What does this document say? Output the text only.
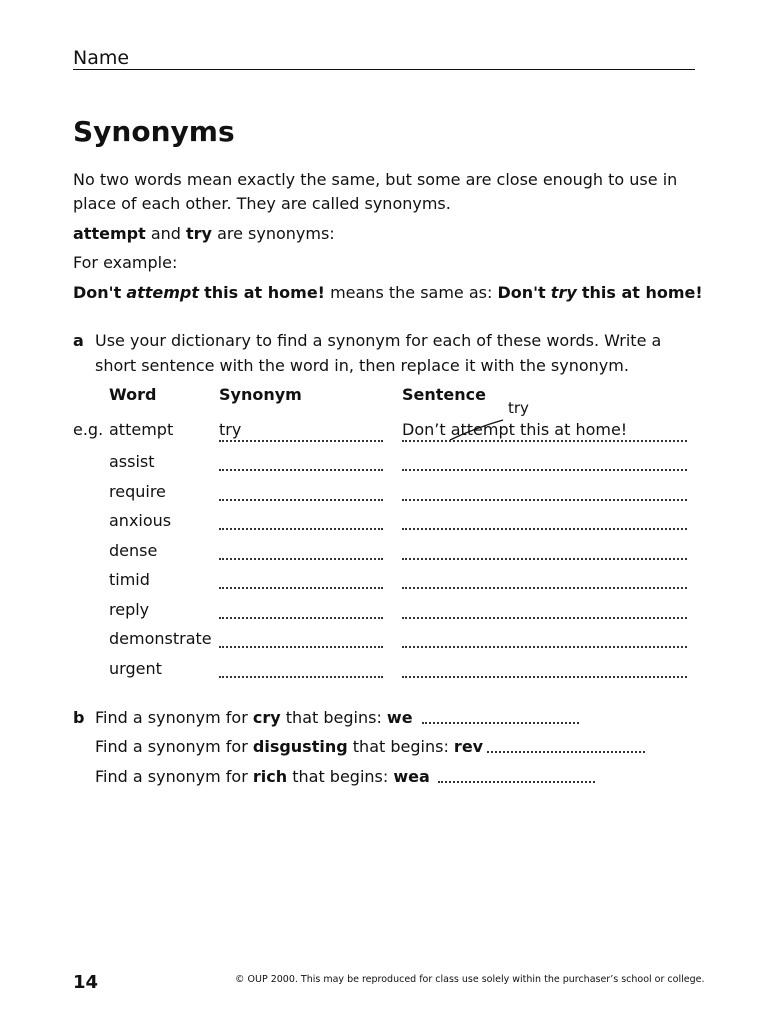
Name
Synonyms
No two words mean exactly the same, but some are close enough to use in
place of each other. They are called synonyms.
attempt and try are synonyms:
For example:
Don't attempt this at home! means the same as: Don't try this at home!
a Use your dictionary to find a synonym for each of these words. Write a
short sentence with the word in, then replace it with the synonym.
Word	Synonym	Sentence
e.g. attempt	try	Don’t attempt this at home!
try
assist
require
anxious
dense
timid
reply
demonstrate
urgent
b Find a synonym for cry that begins: we
Find a synonym for disgusting that begins: rev
Find a synonym for rich that begins: wea
14	© OUP 2000. This may be reproduced for class use solely within the purchaser’s school or college.
